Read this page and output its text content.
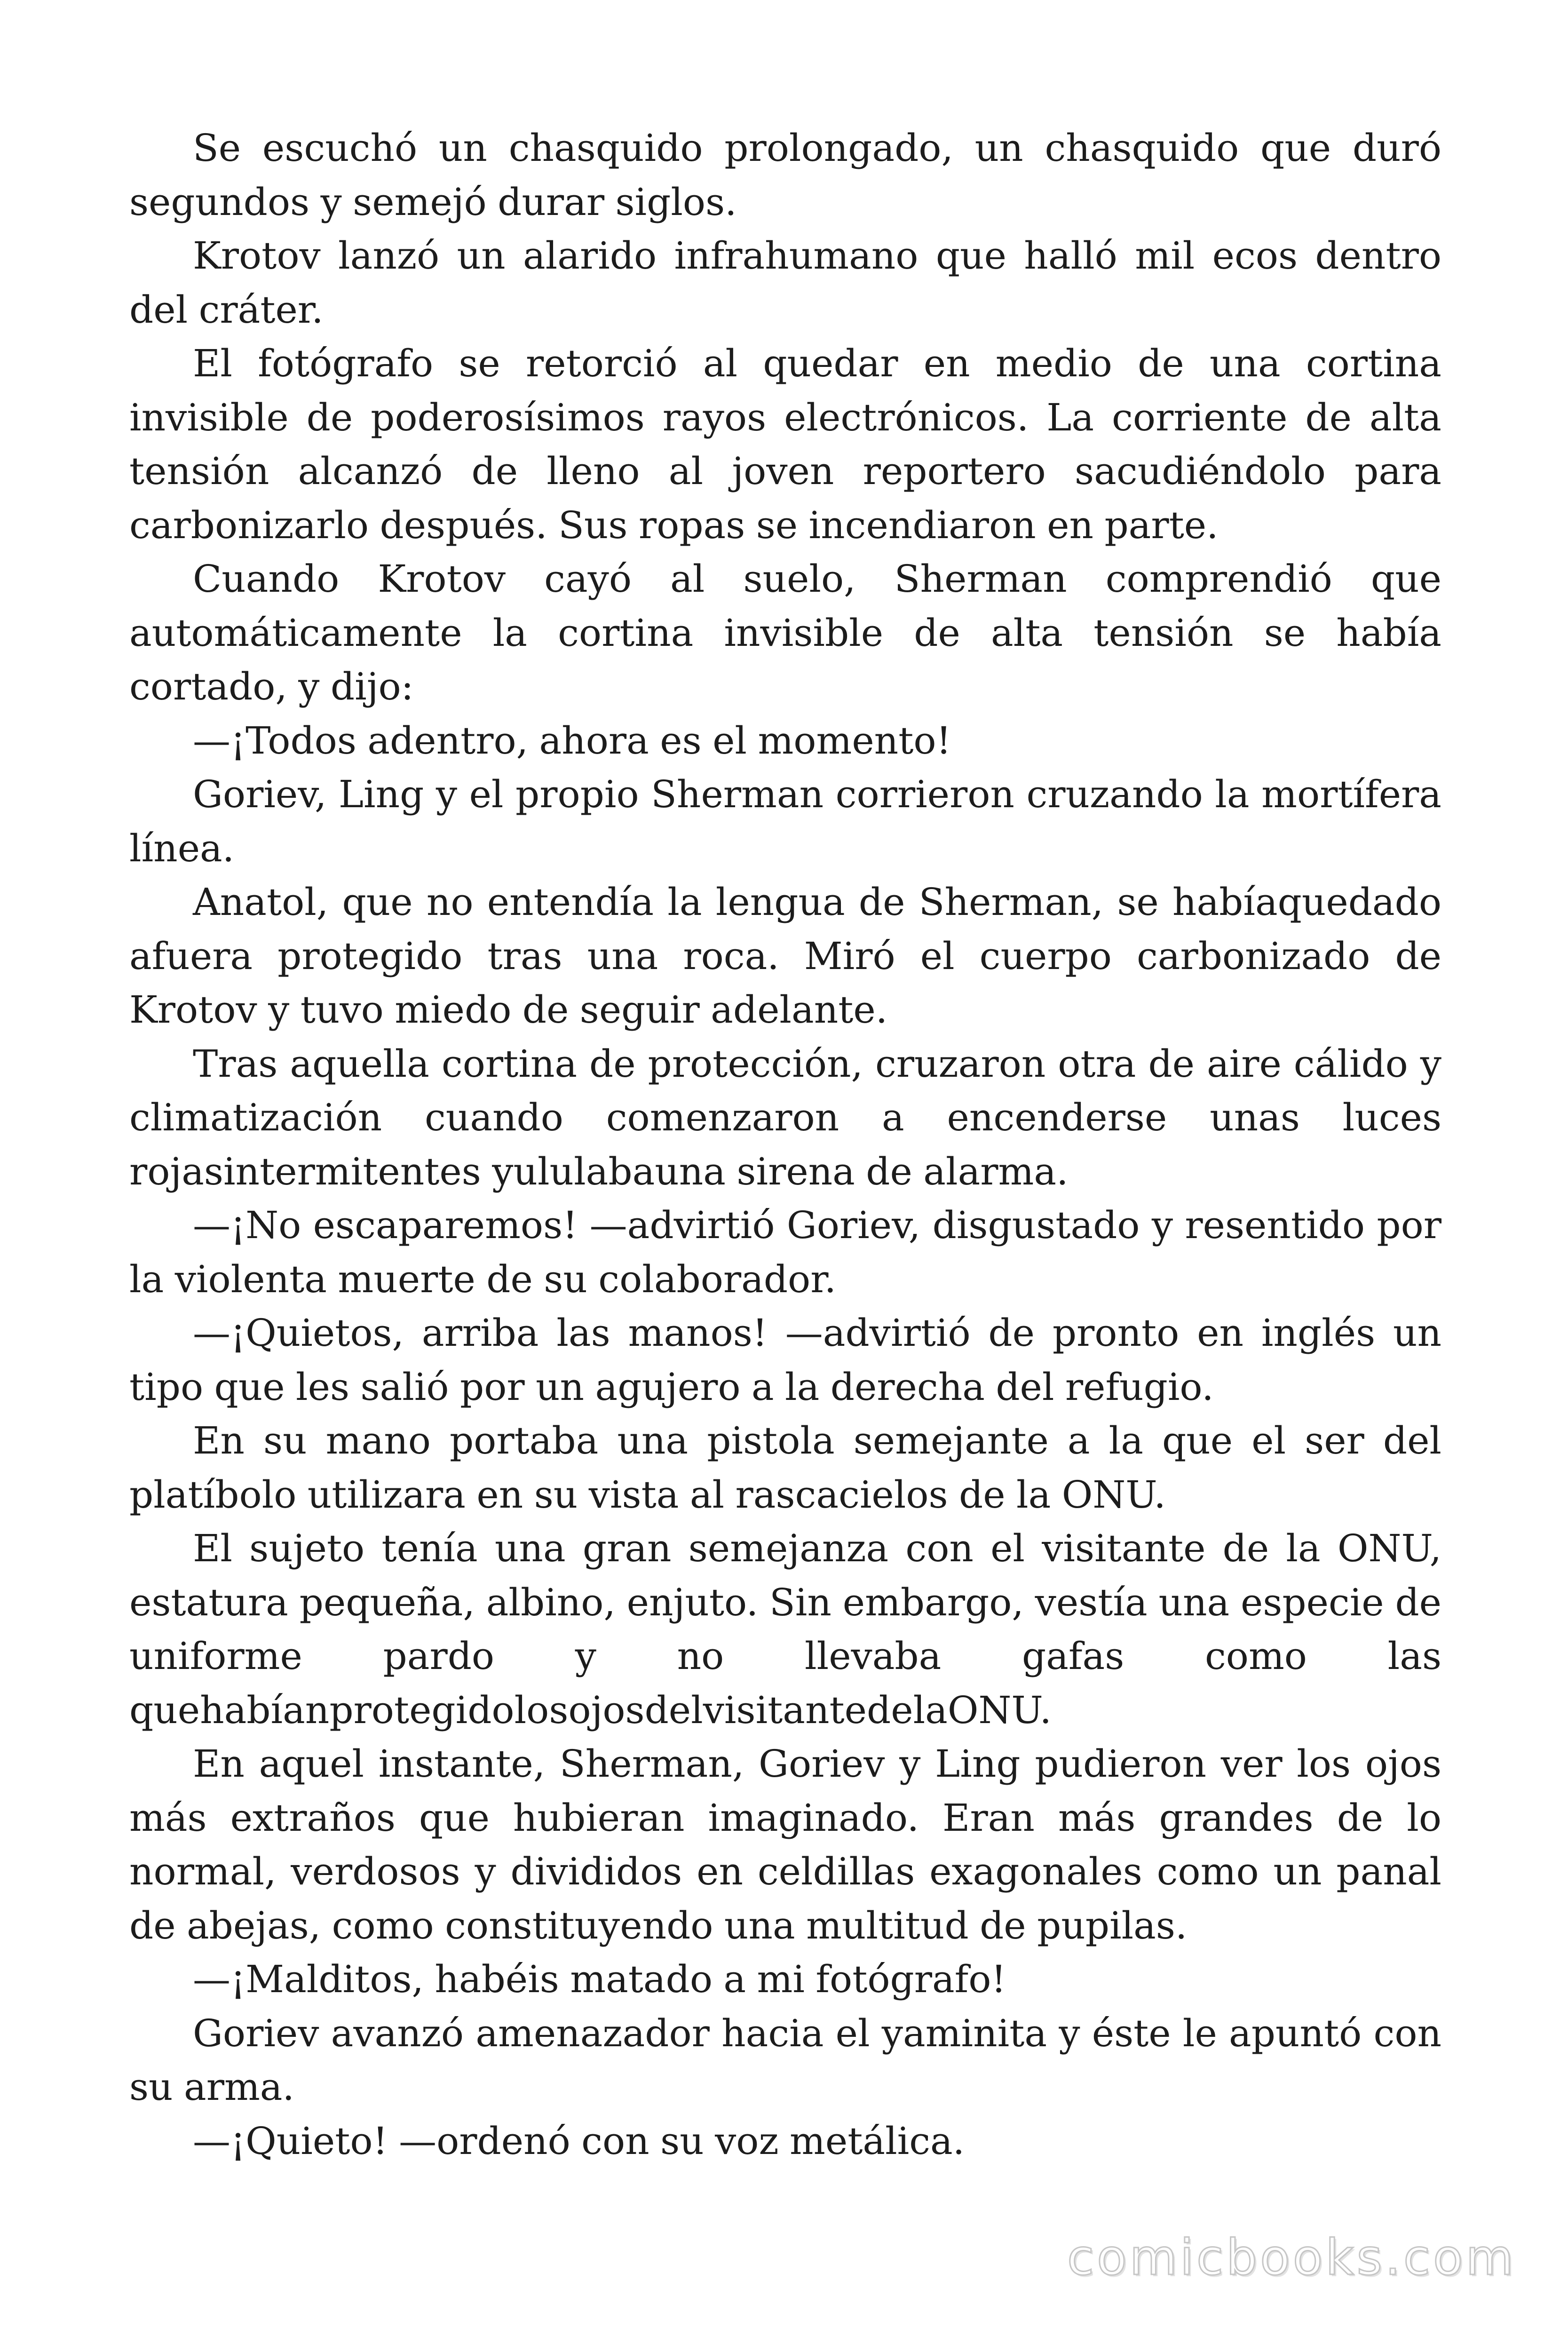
Se escuchó un chasquido prolongado, un chasquido que duró segundos y semejó durar siglos.

Krotov lanzó un alarido infrahumano que halló mil ecos dentro del cráter.

El fotógrafo se retorció al quedar en medio de una cortina invisible de poderosísimos rayos electrónicos. La corriente de alta tensión alcanzó de lleno al joven reportero sacudiéndolo para carbonizarlo después. Sus ropas se incendiaron en parte.

Cuando Krotov cayó al suelo, Sherman comprendió que automáticamente la cortina invisible de alta tensión se había cortado, y dijo:

—¡Todos adentro, ahora es el momento!

Goriev, Ling y el propio Sherman corrieron cruzando la mortífera línea.

Anatol, que no entendía la lengua de Sherman, se habíaquedado afuera protegido tras una roca. Miró el cuerpo carbonizado de Krotov y tuvo miedo de seguir adelante.

Tras aquella cortina de protección, cruzaron otra de aire cálido y climatización cuando comenzaron a encenderse unas luces rojasintermitentes yululabauna sirena de alarma.

—¡No escaparemos! —advirtió Goriev, disgustado y resentido por la violenta muerte de su colaborador.

—¡Quietos, arriba las manos! —advirtió de pronto en inglés un tipo que les salió por un agujero a la derecha del refugio.

En su mano portaba una pistola semejante a la que el ser del platíbolo utilizara en su vista al rascacielos de la ONU.

El sujeto tenía una gran semejanza con el visitante de la ONU, estatura pequeña, albino, enjuto. Sin embargo, vestía una especie de uniforme pardo y no llevaba gafas como las quehabíanprotegidolosojosdelvisitantedelaONU.

En aquel instante, Sherman, Goriev y Ling pudieron ver los ojos más extraños que hubieran imaginado. Eran más grandes de lo normal, verdosos y divididos en celdillas exagonales como un panal de abejas, como constituyendo una multitud de pupilas.

—¡Malditos, habéis matado a mi fotógrafo!

Goriev avanzó amenazador hacia el yaminita y éste le apuntó con su arma.

—¡Quieto! —ordenó con su voz metálica.

comicbooks.com
